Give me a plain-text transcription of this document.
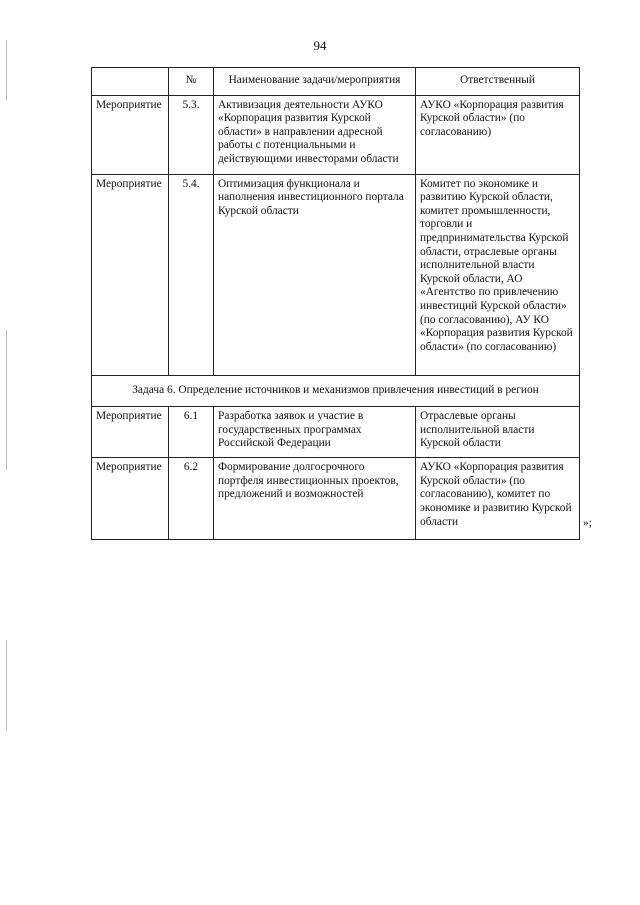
94
	№	Наименование задачи/мероприятия	Ответственный
Мероприятие	5.3.	Активизация деятельности АУКО «Корпорация развития Курской области» в направлении адресной работы с потенциальными и действующими инвесторами области	АУКО «Корпорация развития Курской области» (по согласованию)
Мероприятие	5.4.	Оптимизация функционала и наполнения инвестиционного портала Курской области	Комитет по экономике и развитию Курской области, комитет промышленности, торговли и предпринимательства Курской области, отраслевые органы исполнительной власти Курской области, АО «Агентство по привлечению инвестиций Курской области» (по согласованию), АУ КО «Корпорация развития Курской области» (по согласованию)
Задача 6. Определение источников и механизмов привлечения инвестиций в регион			
Мероприятие	6.1	Разработка заявок и участие в государственных программах Российской Федерации	Отраслевые органы исполнительной власти Курской области
Мероприятие	6.2	Формирование долгосрочного портфеля инвестиционных проектов, предложений и возможностей	АУКО «Корпорация развития Курской области» (по согласованию), комитет по экономике и развитию Курской области	»;
